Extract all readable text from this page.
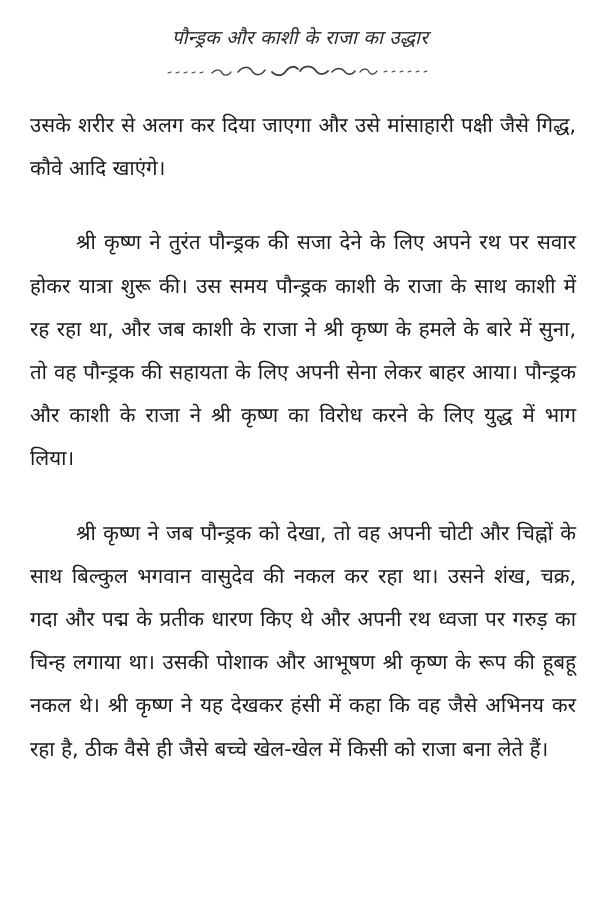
पौन्ड्रक और काशी के राजा का उद्धार

उसके शरीर से अलग कर दिया जाएगा और उसे मांसाहारी पक्षी जैसे गिद्ध, कौवे आदि खाएंगे।

श्री कृष्ण ने तुरंत पौन्ड्रक की सजा देने के लिए अपने रथ पर सवार होकर यात्रा शुरू की। उस समय पौन्ड्रक काशी के राजा के साथ काशी में रह रहा था, और जब काशी के राजा ने श्री कृष्ण के हमले के बारे में सुना, तो वह पौन्ड्रक की सहायता के लिए अपनी सेना लेकर बाहर आया। पौन्ड्रक और काशी के राजा ने श्री कृष्ण का विरोध करने के लिए युद्ध में भाग लिया।

श्री कृष्ण ने जब पौन्ड्रक को देखा, तो वह अपनी चोटी और चिह्नों के साथ बिल्कुल भगवान वासुदेव की नकल कर रहा था। उसने शंख, चक्र, गदा और पद्म के प्रतीक धारण किए थे और अपनी रथ ध्वजा पर गरुड़ का चिन्ह लगाया था। उसकी पोशाक और आभूषण श्री कृष्ण के रूप की हूबहू नकल थे। श्री कृष्ण ने यह देखकर हंसी में कहा कि वह जैसे अभिनय कर रहा है, ठीक वैसे ही जैसे बच्चे खेल-खेल में किसी को राजा बना लेते हैं।
